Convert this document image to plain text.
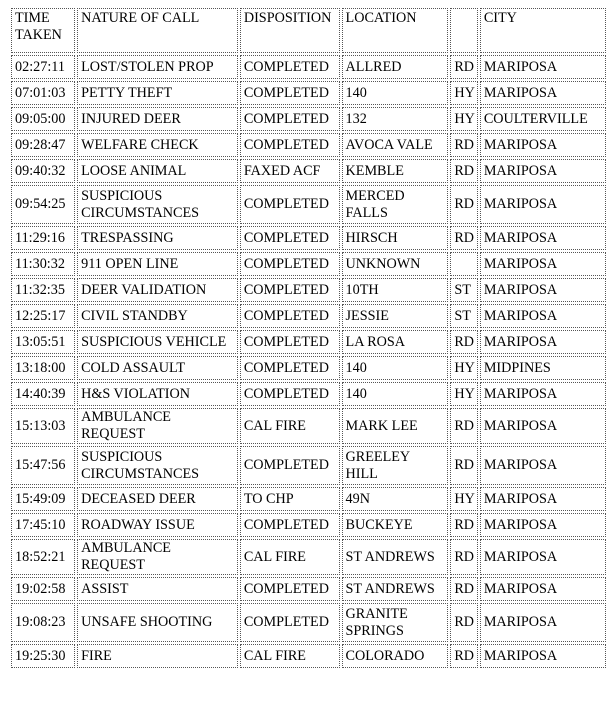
TIME TAKEN	NATURE OF CALL	DISPOSITION	LOCATION		CITY
02:27:11	LOST/STOLEN PROP	COMPLETED	ALLRED	RD	MARIPOSA
07:01:03	PETTY THEFT	COMPLETED	140	HY	MARIPOSA
09:05:00	INJURED DEER	COMPLETED	132	HY	COULTERVILLE
09:28:47	WELFARE CHECK	COMPLETED	AVOCA VALE	RD	MARIPOSA
09:40:32	LOOSE ANIMAL	FAXED ACF	KEMBLE	RD	MARIPOSA
09:54:25	SUSPICIOUS CIRCUMSTANCES	COMPLETED	MERCED FALLS	RD	MARIPOSA
11:29:16	TRESPASSING	COMPLETED	HIRSCH	RD	MARIPOSA
11:30:32	911 OPEN LINE	COMPLETED	UNKNOWN		MARIPOSA
11:32:35	DEER VALIDATION	COMPLETED	10TH	ST	MARIPOSA
12:25:17	CIVIL STANDBY	COMPLETED	JESSIE	ST	MARIPOSA
13:05:51	SUSPICIOUS VEHICLE	COMPLETED	LA ROSA	RD	MARIPOSA
13:18:00	COLD ASSAULT	COMPLETED	140	HY	MIDPINES
14:40:39	H&S VIOLATION	COMPLETED	140	HY	MARIPOSA
15:13:03	AMBULANCE REQUEST	CAL FIRE	MARK LEE	RD	MARIPOSA
15:47:56	SUSPICIOUS CIRCUMSTANCES	COMPLETED	GREELEY HILL	RD	MARIPOSA
15:49:09	DECEASED DEER	TO CHP	49N	HY	MARIPOSA
17:45:10	ROADWAY ISSUE	COMPLETED	BUCKEYE	RD	MARIPOSA
18:52:21	AMBULANCE REQUEST	CAL FIRE	ST ANDREWS	RD	MARIPOSA
19:02:58	ASSIST	COMPLETED	ST ANDREWS	RD	MARIPOSA
19:08:23	UNSAFE SHOOTING	COMPLETED	GRANITE SPRINGS	RD	MARIPOSA
19:25:30	FIRE	CAL FIRE	COLORADO	RD	MARIPOSA
